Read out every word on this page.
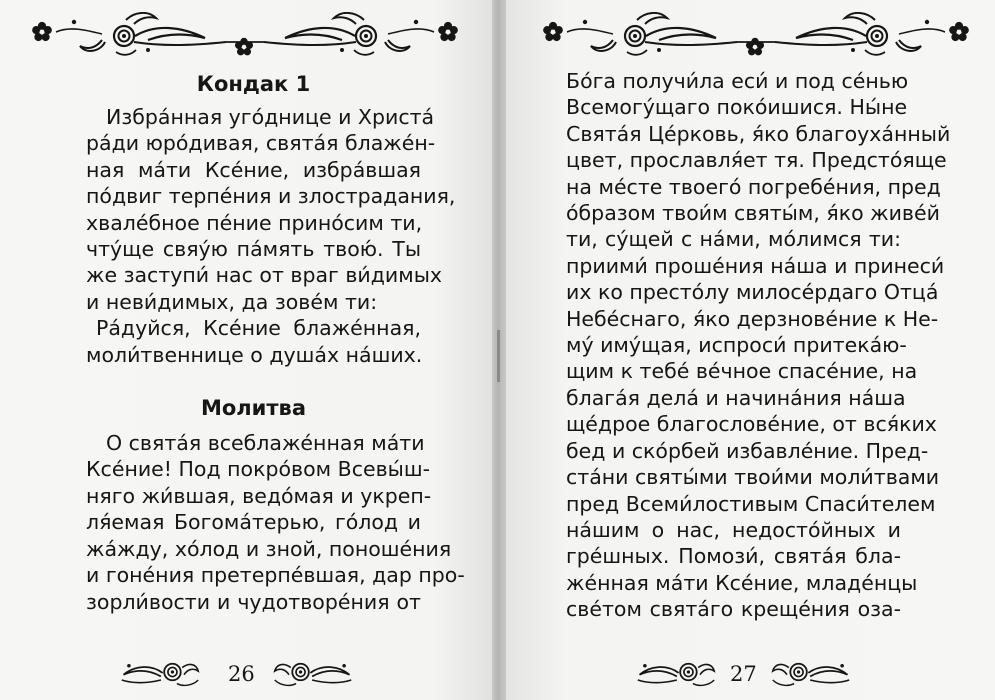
Кондак 1
Избра́нная уго́днице и Христа́
ра́ди юро́дивая, свята́я блаже́н-
ная ма́ти Ксе́ние, избра́вшая
по́двиг терпе́ния и злострадания,
хвале́бное пе́ние прино́сим ти,
чту́ще свяу́ю па́мять твою́. Ты
же заступи́ нас от враг ви́димых
и неви́димых, да зове́м ти:
Ра́дуйся, Ксе́ние блаже́нная,
моли́твеннице о душа́х на́ших.
Молитва
О свята́я всеблаже́нная ма́ти
Ксе́ние! Под покро́вом Всевы́ш-
няго жи́вшая, ведо́мая и укреп-
ля́емая Богома́терью, го́лод и
жа́жду, хо́лод и зной, поноше́ния
и гоне́ния претерпе́вшая, дар про-
зорли́вости и чудотворе́ния от
26
Бо́га получи́ла еси́ и под се́нью
Всемогу́щаго поко́ишися. Ны́не
Свята́я Це́рковь, я́ко благоуха́нный
цвет, прославля́ет тя. Предсто́яще
на ме́сте твоего́ погребе́ния, пред
о́бразом твои́м святы́м, я́ко живе́й
ти, су́щей с на́ми, мо́лимся ти:
приими́ проше́ния на́ша и принеси́
их ко престо́лу милосе́рдаго Отца́
Небе́снаго, я́ко дерзнове́ние к Не-
му́ иму́щая, испроси́ притека́ю-
щим к тебе́ ве́чное спасе́ние, на
блага́я дела́ и начина́ния на́ша
ще́дрое благослове́ние, от вся́ких
бед и ско́рбей избавле́ние. Пред-
ста́ни святы́ми твои́ми моли́твами
пред Всеми́лостивым Спаси́телем
на́шим о нас, недосто́йных и
гре́шных. Помози́, свята́я бла-
же́нная ма́ти Ксе́ние, младе́нцы
све́том свята́го креще́ния оза-
27
